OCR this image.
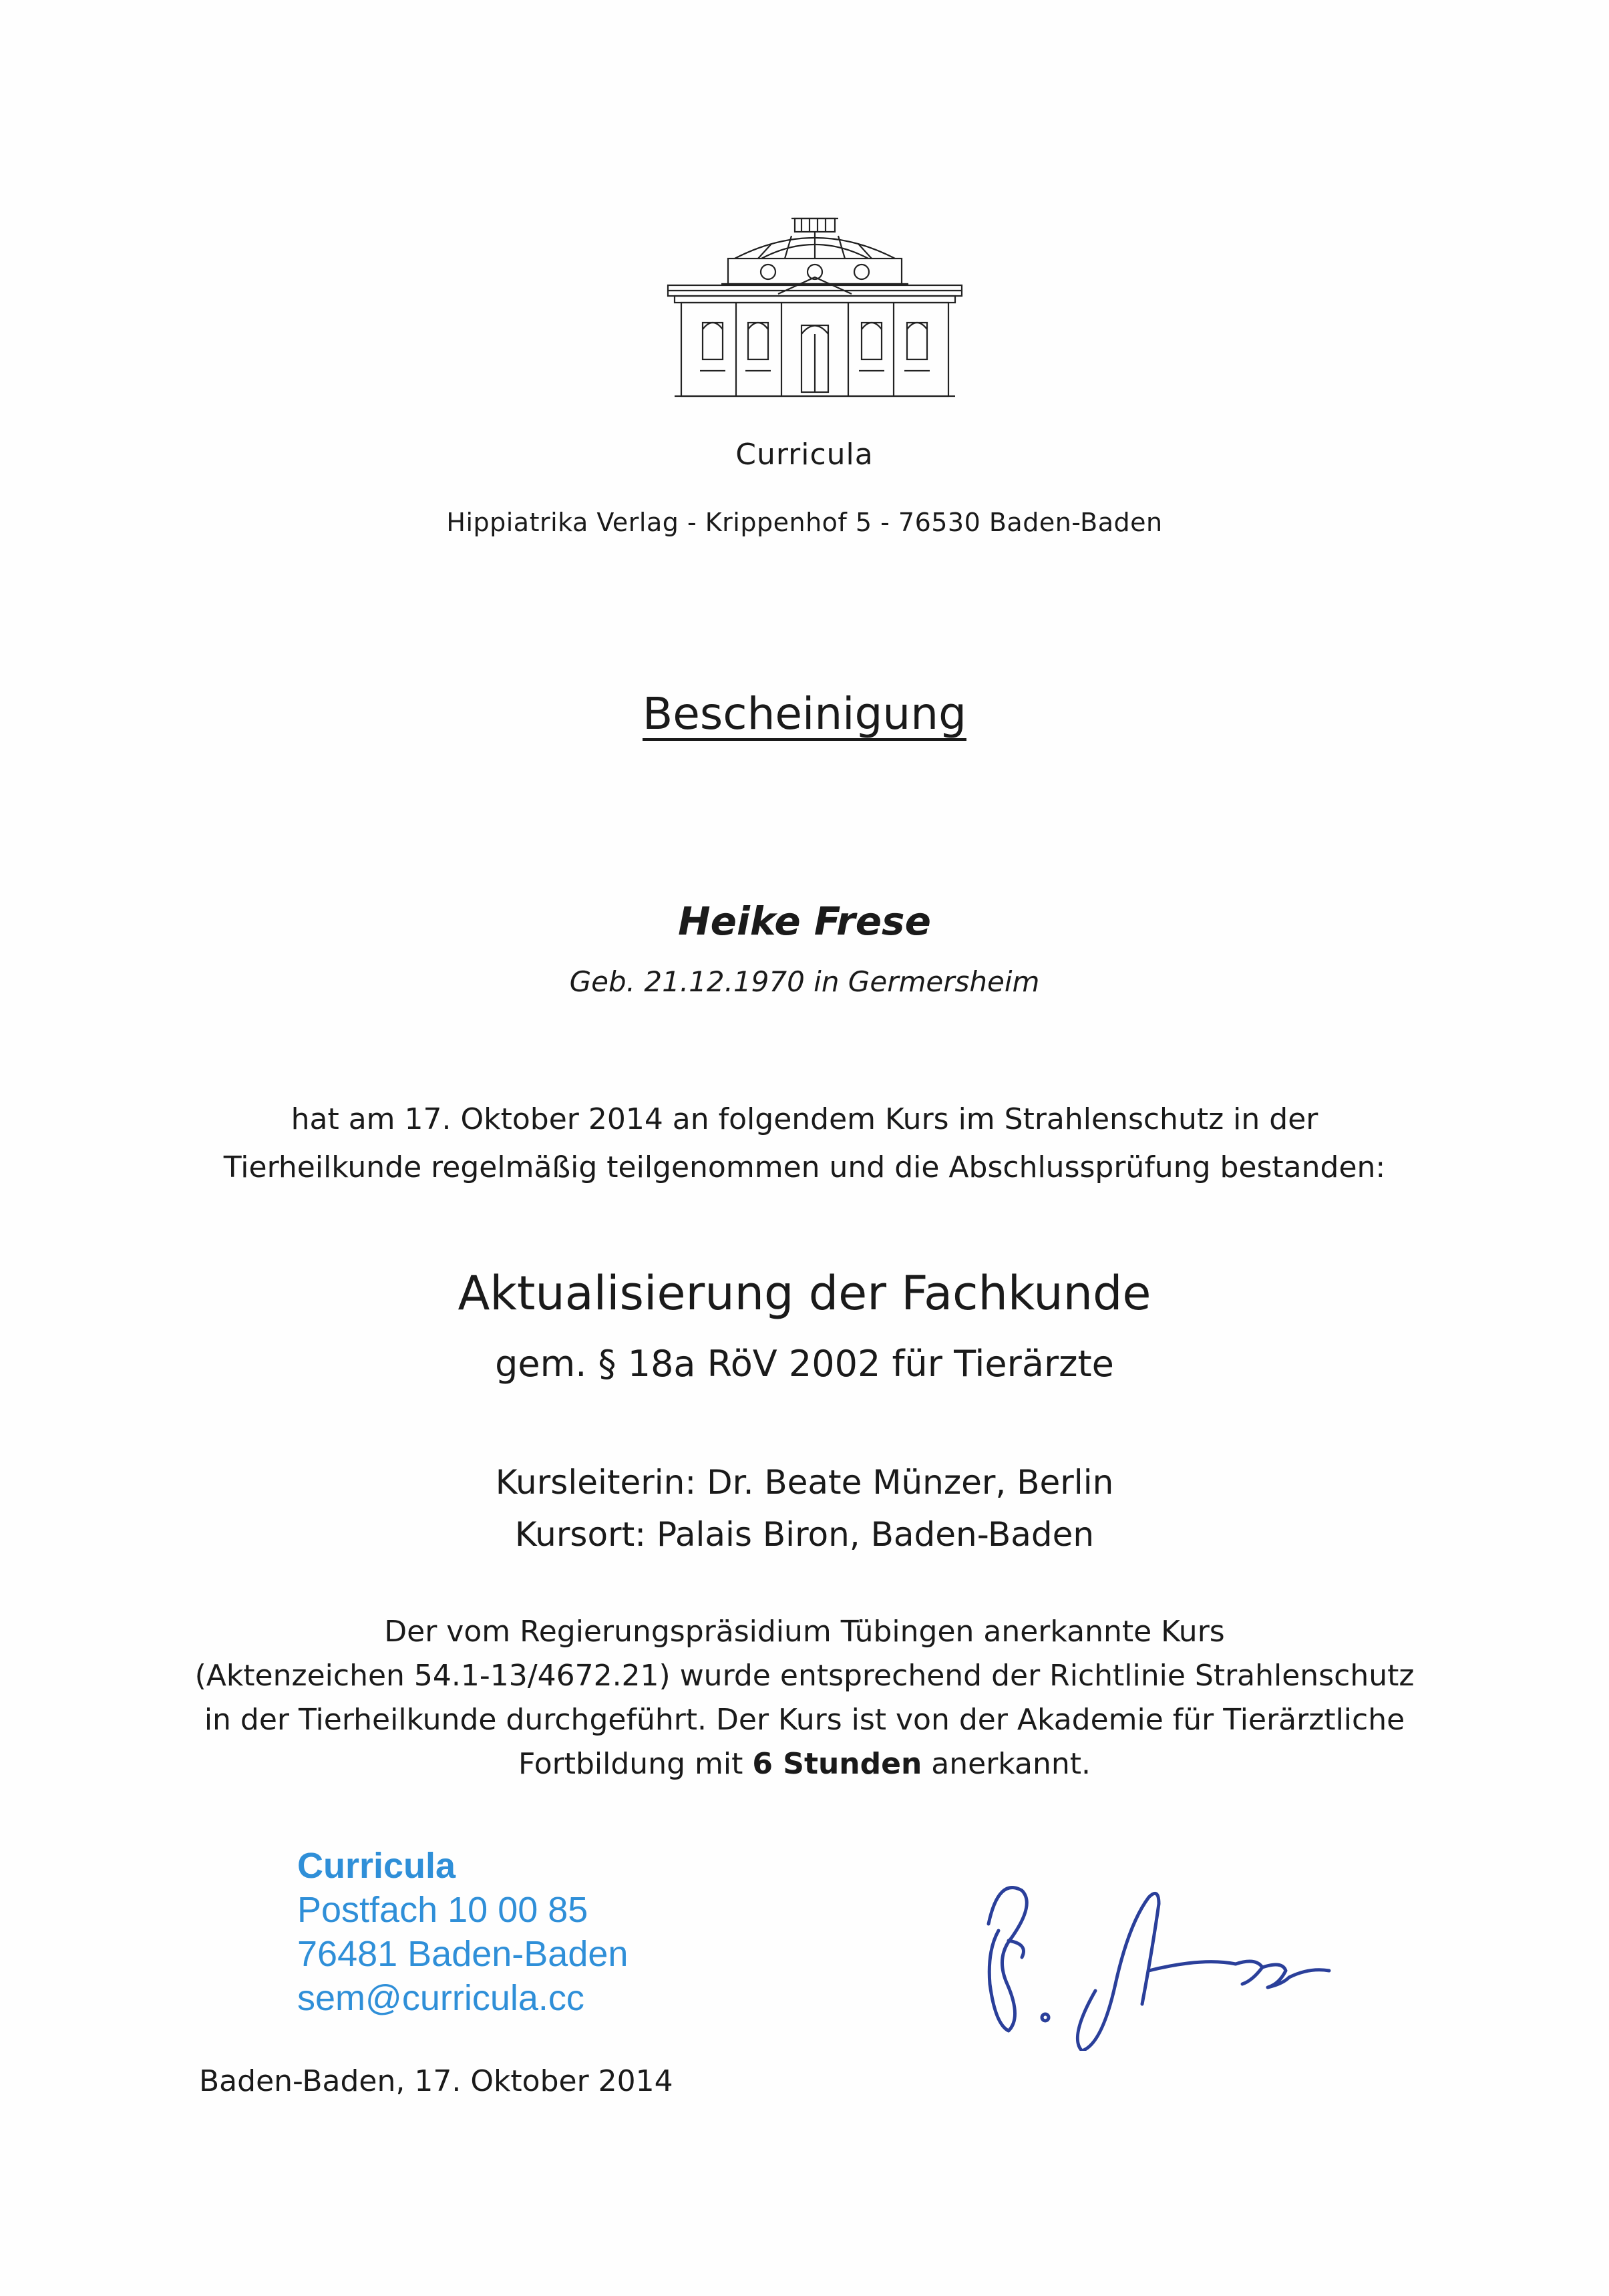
Curricula
Hippiatrika Verlag - Krippenhof 5 - 76530 Baden-Baden
Bescheinigung
Heike Frese
Geb. 21.12.1970 in Germersheim
hat am 17. Oktober 2014 an folgendem Kurs im Strahlenschutz in der
Tierheilkunde regelmäßig teilgenommen und die Abschlussprüfung bestanden:
Aktualisierung der Fachkunde
gem. § 18a RöV 2002 für Tierärzte
Kursleiterin: Dr. Beate Münzer, Berlin
Kursort: Palais Biron, Baden-Baden
Der vom Regierungspräsidium Tübingen anerkannte Kurs
(Aktenzeichen 54.1-13/4672.21) wurde entsprechend der Richtlinie Strahlenschutz
in der Tierheilkunde durchgeführt. Der Kurs ist von der Akademie für Tierärztliche
Fortbildung mit 6 Stunden anerkannt.
Curricula
Postfach 10 00 85
76481 Baden-Baden
sem@curricula.cc
Baden-Baden, 17. Oktober 2014
